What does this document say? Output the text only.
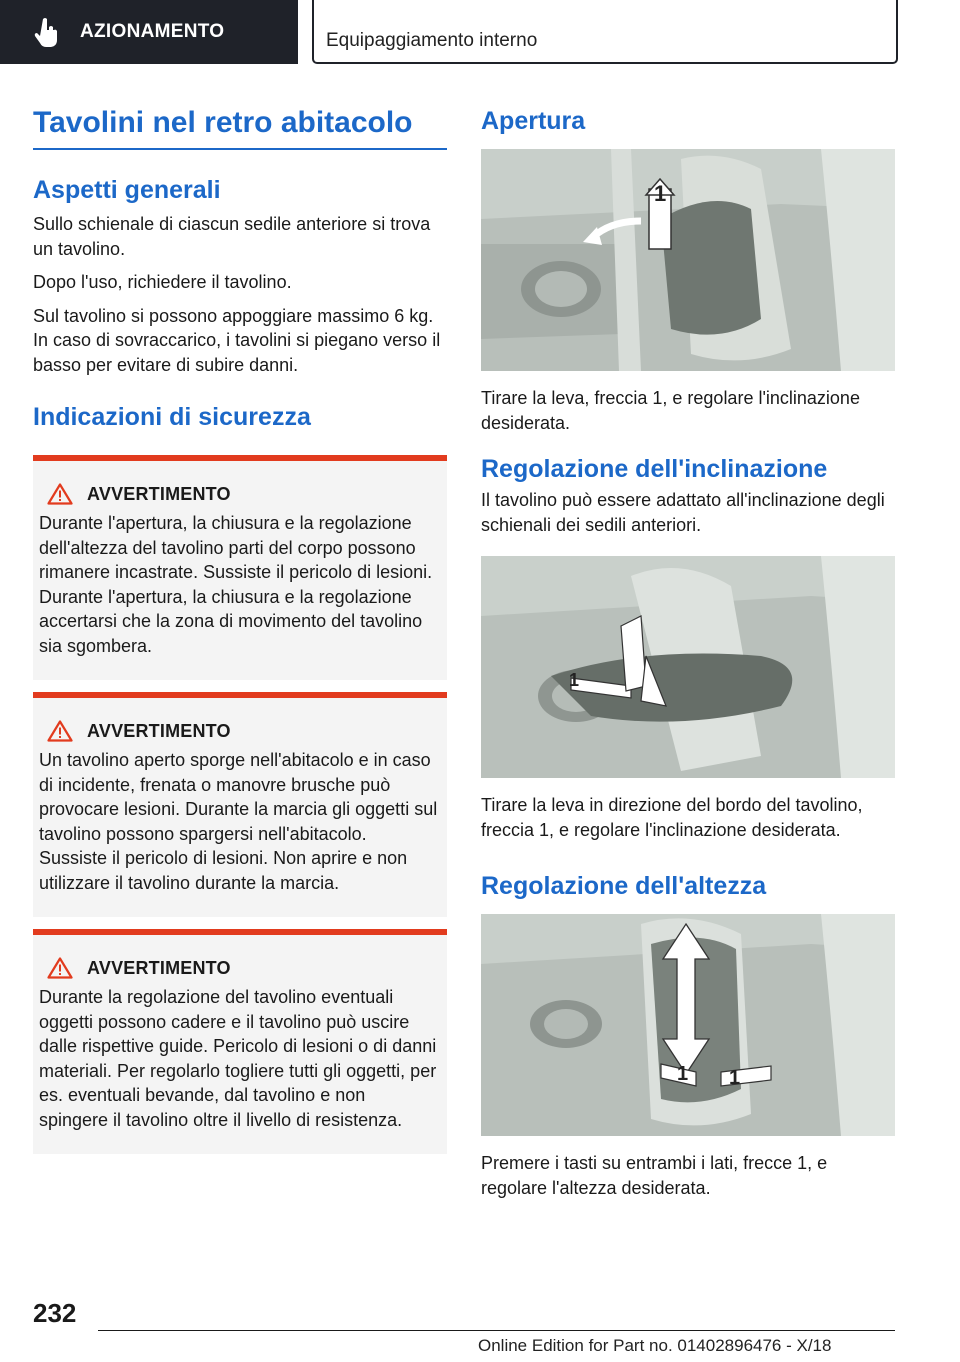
AZIONAMENTO	Equipaggiamento interno
Tavolini nel retro abitacolo
Aspetti generali

Sullo schienale di ciascun sedile anteriore si trova un tavolino.

Dopo l'uso, richiedere il tavolino.

Sul tavolino si possono appoggiare massimo 6 kg. In caso di sovraccarico, i tavolini si piegano verso il basso per evitare di subire danni.

Indicazioni di sicurezza
AVVERTIMENTO

Durante l'apertura, la chiusura e la regolazione dell'altezza del tavolino parti del corpo possono rimanere incastrate. Sussiste il pericolo di lesioni. Durante l'apertura, la chiusura e la regolazione accertarsi che la zona di movimento del tavolino sia sgombera.

AVVERTIMENTO

Un tavolino aperto sporge nell'abitacolo e in caso di incidente, frenata o manovre brusche può provocare lesioni. Durante la marcia gli oggetti sul tavolino possono spargersi nell'abitacolo. Sussiste il pericolo di lesioni. Non aprire e non utilizzare il tavolino durante la marcia.

AVVERTIMENTO

Durante la regolazione del tavolino eventuali oggetti possono cadere e il tavolino può uscire dalle rispettive guide. Pericolo di lesioni o di danni materiali. Per regolarlo togliere tutti gli oggetti, per es. eventuali bevande, dal tavolino e non spingere il tavolino oltre il livello di resistenza.

Apertura
1

Tirare la leva, freccia 1, e regolare l'inclinazione desiderata.

Regolazione dell'inclinazione

Il tavolino può essere adattato all'inclinazione degli schienali dei sedili anteriori.

1

Tirare la leva in direzione del bordo del tavolino, freccia 1, e regolare l'inclinazione desiderata.

Regolazione dell'altezza
1 1

Premere i tasti su entrambi i lati, frecce 1, e regolare l'altezza desiderata.

232
Online Edition for Part no. 01402896476 - X/18
